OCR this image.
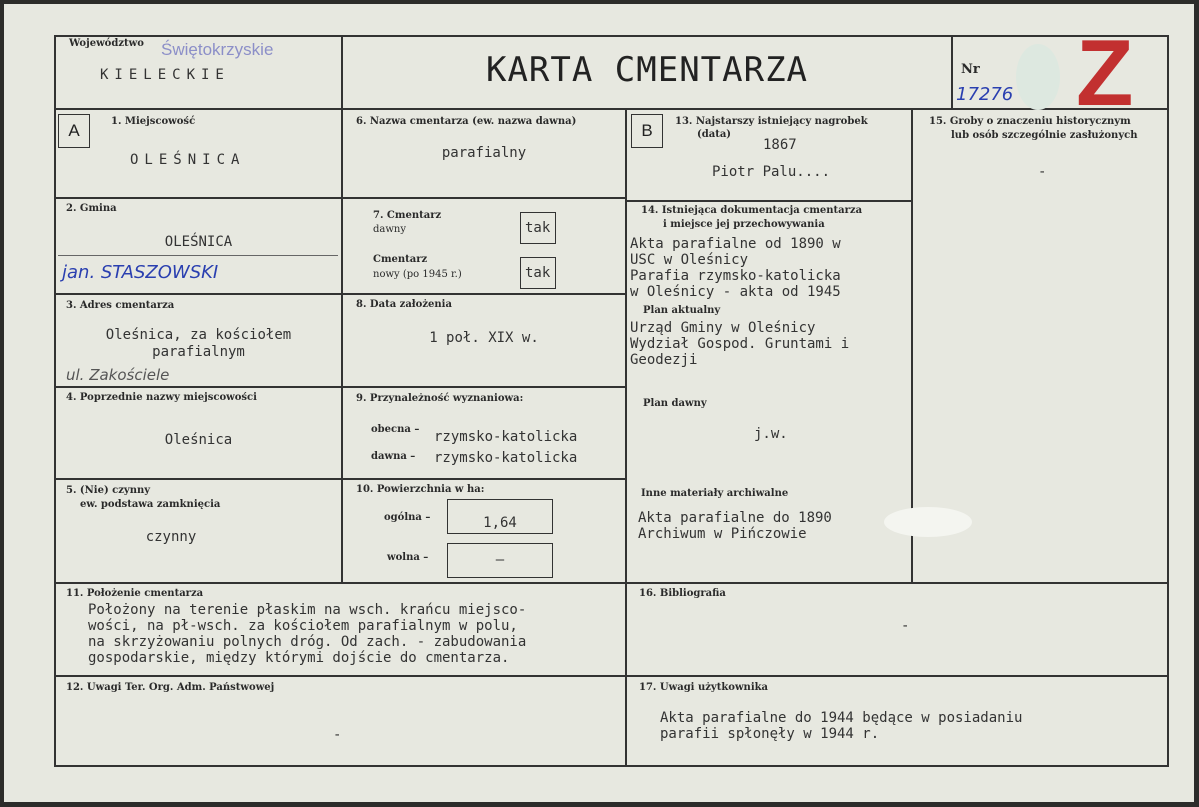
Województwo Świętokrzyskie
KIELECKIE	KARTA CMENTARZA	Nr
17276 Z
A	1. Miejscowość
OLEŚNICA
2. Gmina
OLEŚNICA
jan. STASZOWSKI
3. Adres cmentarza
Oleśnica, za kościołem
parafialnym
ul. Zakościele
4. Poprzednie nazwy miejscowości
Oleśnica
5. (Nie) czynny
ew. podstawa zamknięcia
czynny
6. Nazwa cmentarza (ew. nazwa dawna)
parafialny
7. Cmentarz
dawny	tak
Cmentarz
nowy (po 1945 r.)	tak
8. Data założenia
1 poł. XIX w.
9. Przynależność wyznaniowa:
obecna – rzymsko-katolicka
dawna – rzymsko-katolicka
10. Powierzchnia w ha:
ogólna –	1,64
wolna –	–
B	13. Najstarszy istniejący nagrobek
(data)
1867
Piotr Palu....
14. Istniejąca dokumentacja cmentarza
i miejsce jej przechowywania
Akta parafialne od 1890 w
USC w Oleśnicy
Parafia rzymsko-katolicka
w Oleśnicy - akta od 1945
Plan aktualny
Urząd Gminy w Oleśnicy
Wydział Gospod. Gruntami i
Geodezji
Plan dawny
j.w.
Inne materiały archiwalne
Akta parafialne do 1890
Archiwum w Pińczowie
15. Groby o znaczeniu historycznym
lub osób szczególnie zasłużonych
-
11. Położenie cmentarza
Położony na terenie płaskim na wsch. krańcu miejsco-
wości, na pł-wsch. za kościołem parafialnym w polu,
na skrzyżowaniu polnych dróg. Od zach. - zabudowania
gospodarskie, między którymi dojście do cmentarza.
16. Bibliografia
-
12. Uwagi Ter. Org. Adm. Państwowej
-
17. Uwagi użytkownika
Akta parafialne do 1944 będące w posiadaniu
parafii spłonęły w 1944 r.
